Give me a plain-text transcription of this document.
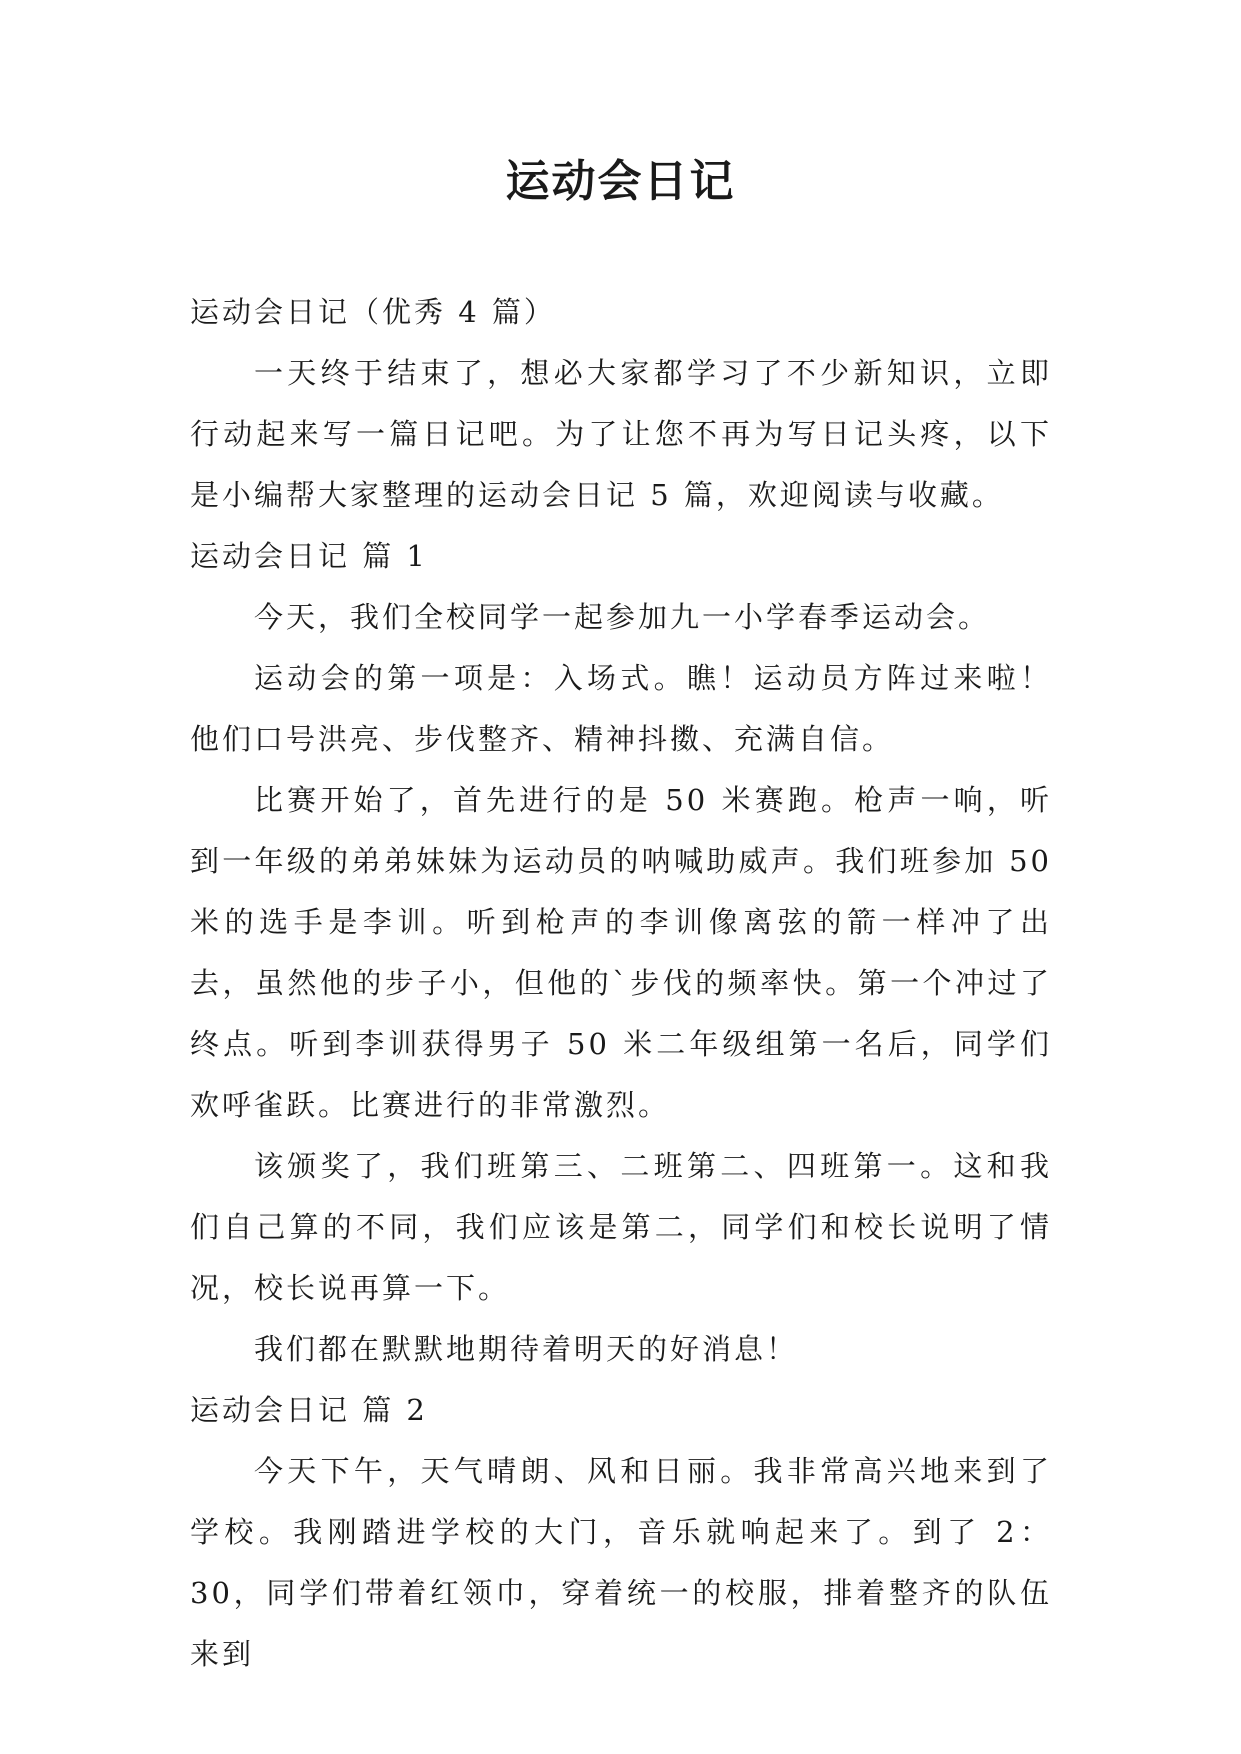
运动会日记

运动会日记（优秀 4 篇）

一天终于结束了，想必大家都学习了不少新知识，立即行动起来写一篇日记吧。为了让您不再为写日记头疼，以下是小编帮大家整理的运动会日记 5 篇，欢迎阅读与收藏。

运动会日记 篇 1

今天，我们全校同学一起参加九一小学春季运动会。

运动会的第一项是：入场式。瞧！运动员方阵过来啦！他们口号洪亮、步伐整齐、精神抖擞、充满自信。

比赛开始了，首先进行的是 50 米赛跑。枪声一响，听到一年级的弟弟妹妹为运动员的呐喊助威声。我们班参加 50 米的选手是李训。听到枪声的李训像离弦的箭一样冲了出去，虽然他的步子小，但他的`步伐的频率快。第一个冲过了终点。听到李训获得男子 50 米二年级组第一名后，同学们欢呼雀跃。比赛进行的非常激烈。

该颁奖了，我们班第三、二班第二、四班第一。这和我们自己算的不同，我们应该是第二，同学们和校长说明了情况，校长说再算一下。

我们都在默默地期待着明天的好消息！

运动会日记 篇 2

今天下午，天气晴朗、风和日丽。我非常高兴地来到了学校。我刚踏进学校的大门，音乐就响起来了。到了 2：30，同学们带着红领巾，穿着统一的校服，排着整齐的队伍来到
